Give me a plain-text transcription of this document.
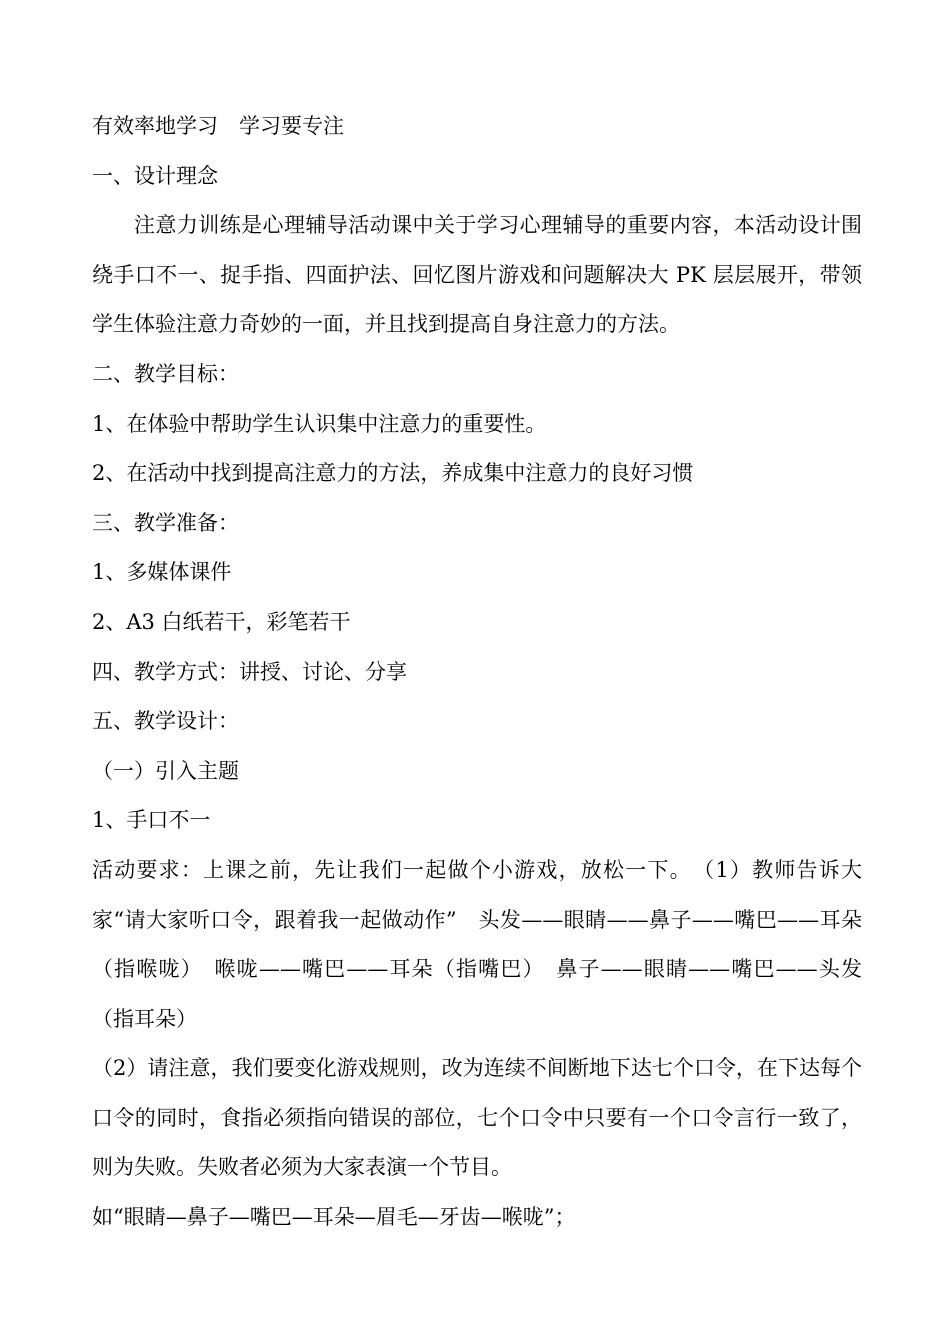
有效率地学习　学习要专注

一、设计理念

注意力训练是心理辅导活动课中关于学习心理辅导的重要内容，本活动设计围绕手口不一、捉手指、四面护法、回忆图片游戏和问题解决大 PK 层层展开，带领学生体验注意力奇妙的一面，并且找到提高自身注意力的方法。

二、教学目标：

1、在体验中帮助学生认识集中注意力的重要性。

2、在活动中找到提高注意力的方法，养成集中注意力的良好习惯

三、教学准备：

1、多媒体课件

2、A3 白纸若干，彩笔若干

四、教学方式：讲授、讨论、分享

五、教学设计：

（一）引入主题

1、手口不一

活动要求：上课之前，先让我们一起做个小游戏，放松一下。　（1）教师告诉大家“请大家听口令，跟着我一起做动作”　头发——眼睛——鼻子——嘴巴——耳朵（指喉咙）　喉咙——嘴巴——耳朵（指嘴巴）　鼻子——眼睛——嘴巴——头发（指耳朵）

（2）请注意，我们要变化游戏规则，改为连续不间断地下达七个口令，在下达每个口令的同时，食指必须指向错误的部位，七个口令中只要有一个口令言行一致了，则为失败。失败者必须为大家表演一个节目。

如“眼睛—鼻子—嘴巴—耳朵—眉毛—牙齿—喉咙”；
